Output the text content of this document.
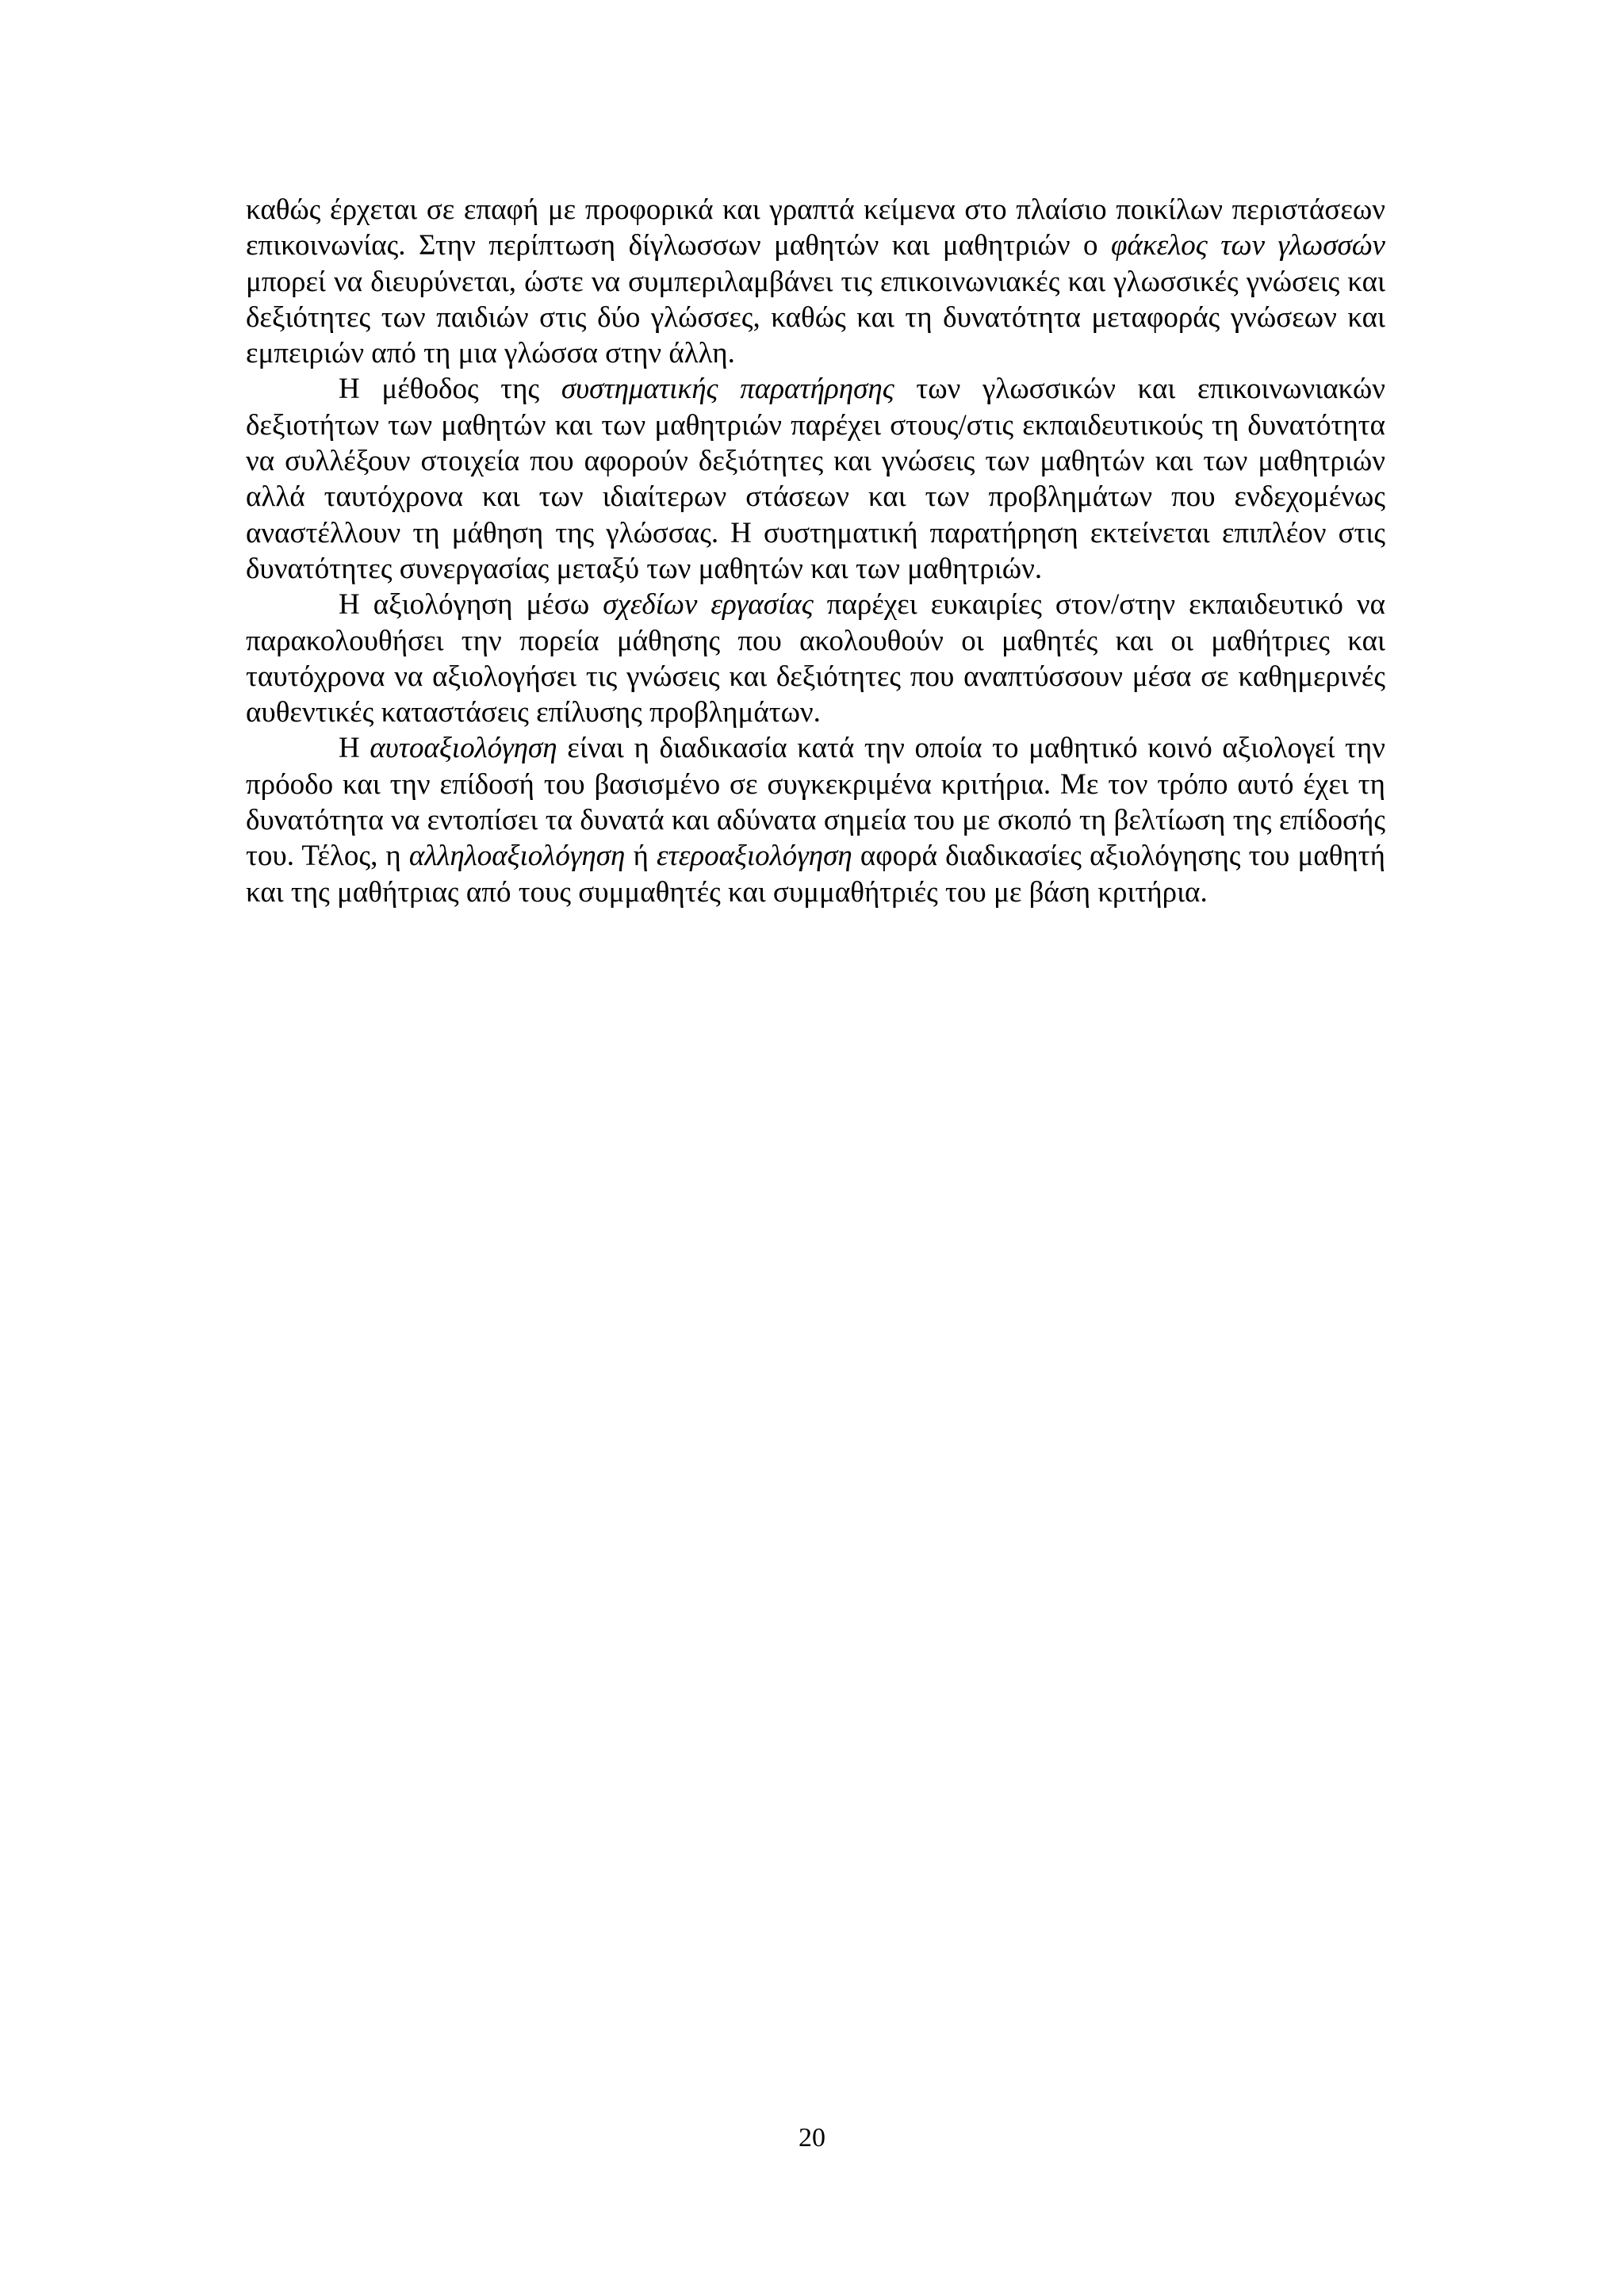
καθώς έρχεται σε επαφή με προφορικά και γραπτά κείμενα στο πλαίσιο ποικίλων περιστάσεων επικοινωνίας. Στην περίπτωση δίγλωσσων μαθητών και μαθητριών ο φάκελος των γλωσσών μπορεί να διευρύνεται, ώστε να συμπεριλαμβάνει τις επικοινωνιακές και γλωσσικές γνώσεις και δεξιότητες των παιδιών στις δύο γλώσσες, καθώς και τη δυνατότητα μεταφοράς γνώσεων και εμπειριών από τη μια γλώσσα στην άλλη.

Η μέθοδος της συστηματικής παρατήρησης των γλωσσικών και επικοινωνιακών δεξιοτήτων των μαθητών και των μαθητριών παρέχει στους/στις εκπαιδευτικούς τη δυνατότητα να συλλέξουν στοιχεία που αφορούν δεξιότητες και γνώσεις των μαθητών και των μαθητριών αλλά ταυτόχρονα και των ιδιαίτερων στάσεων και των προβλημάτων που ενδεχομένως αναστέλλουν τη μάθηση της γλώσσας. Η συστηματική παρατήρηση εκτείνεται επιπλέον στις δυνατότητες συνεργασίας μεταξύ των μαθητών και των μαθητριών.

Η αξιολόγηση μέσω σχεδίων εργασίας παρέχει ευκαιρίες στον/στην εκπαιδευτικό να παρακολουθήσει την πορεία μάθησης που ακολουθούν οι μαθητές και οι μαθήτριες και ταυτόχρονα να αξιολογήσει τις γνώσεις και δεξιότητες που αναπτύσσουν μέσα σε καθημερινές αυθεντικές καταστάσεις επίλυσης προβλημάτων.

Η αυτοαξιολόγηση είναι η διαδικασία κατά την οποία το μαθητικό κοινό αξιολογεί την πρόοδο και την επίδοσή του βασισμένο σε συγκεκριμένα κριτήρια. Με τον τρόπο αυτό έχει τη δυνατότητα να εντοπίσει τα δυνατά και αδύνατα σημεία του με σκοπό τη βελτίωση της επίδοσής του. Τέλος, η αλληλοαξιολόγηση ή ετεροαξιολόγηση αφορά διαδικασίες αξιολόγησης του μαθητή και της μαθήτριας από τους συμμαθητές και συμμαθήτριές του με βάση κριτήρια.

20
